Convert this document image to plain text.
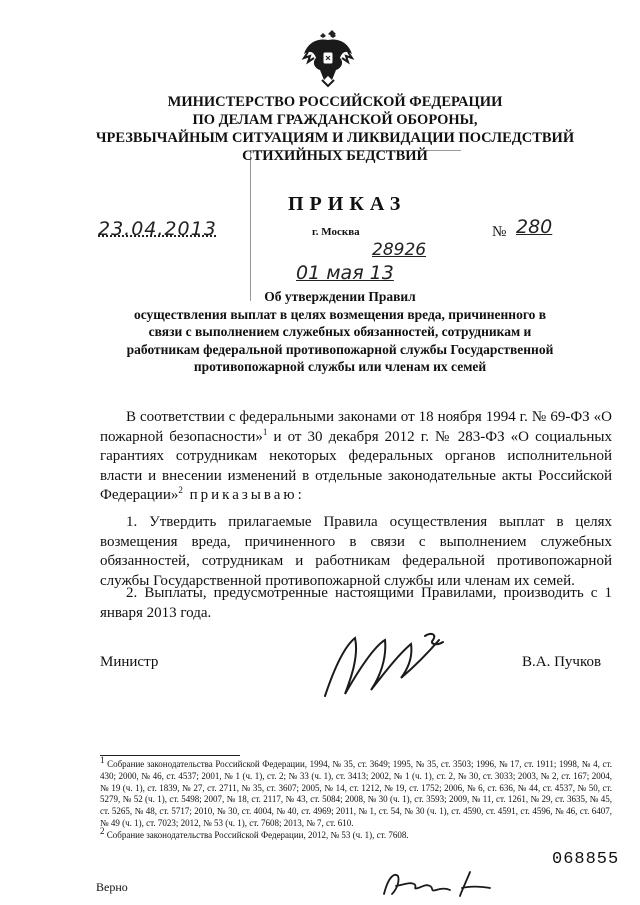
МИНИСТЕРСТВО РОССИЙСКОЙ ФЕДЕРАЦИИ
ПО ДЕЛАМ ГРАЖДАНСКОЙ ОБОРОНЫ,
ЧРЕЗВЫЧАЙНЫМ СИТУАЦИЯМ И ЛИКВИДАЦИИ ПОСЛЕДСТВИЙ
СТИХИЙНЫХ БЕДСТВИЙ
ПРИКАЗ
23.04.2013	г. Москва	№ 280
28926
01 мая 13
Об утверждении Правил
осуществления выплат в целях возмещения вреда, причиненного в
связи с выполнением служебных обязанностей, сотрудникам и
работникам федеральной противопожарной службы Государственной
противопожарной службы или членам их семей
В соответствии с федеральными законами от 18 ноября 1994 г. № 69-ФЗ «О пожарной безопасности»$^1$ и от 30 декабря 2012 г. № 283-ФЗ «О социальных гарантиях сотрудникам некоторых федеральных органов исполнительной власти и внесении изменений в отдельные законодательные акты Российской Федерации»$^2$ приказываю:
1. Утвердить прилагаемые Правила осуществления выплат в целях возмещения вреда, причиненного в связи с выполнением служебных обязанностей, сотрудникам и работникам федеральной противопожарной службы Государственной противопожарной службы или членам их семей.
2. Выплаты, предусмотренные настоящими Правилами, производить с 1 января 2013 года.
Министр	В.А. Пучков

$^1$ Собрание законодательства Российской Федерации, 1994, № 35, ст. 3649; 1995, № 35, ст. 3503; 1996, № 17, ст. 1911; 1998, № 4, ст. 430; 2000, № 46, ст. 4537; 2001, № 1 (ч. 1), ст. 2; № 33 (ч. 1), ст. 3413; 2002, № 1 (ч. 1), ст. 2, № 30, ст. 3033; 2003, № 2, ст. 167; 2004, № 19 (ч. 1), ст. 1839, № 27, ст. 2711, № 35, ст. 3607; 2005, № 14, ст. 1212, № 19, ст. 1752; 2006, № 6, ст. 636, № 44, ст. 4537, № 50, ст. 5279, № 52 (ч. 1), ст. 5498; 2007, № 18, ст. 2117, № 43, ст. 5084; 2008, № 30 (ч. 1), ст. 3593; 2009, № 11, ст. 1261, № 29, ст. 3635, № 45, ст. 5265, № 48, ст. 5717; 2010, № 30, ст. 4004, № 40, ст. 4969; 2011, № 1, ст. 54, № 30 (ч. 1), ст. 4590, ст. 4591, ст. 4596, № 46, ст. 6407, № 49 (ч. 1), ст. 7023; 2012, № 53 (ч. 1), ст. 7608; 2013, № 7, ст. 610.

$^2$ Собрание законодательства Российской Федерации, 2012, № 53 (ч. 1), ст. 7608.

068855
Верно
